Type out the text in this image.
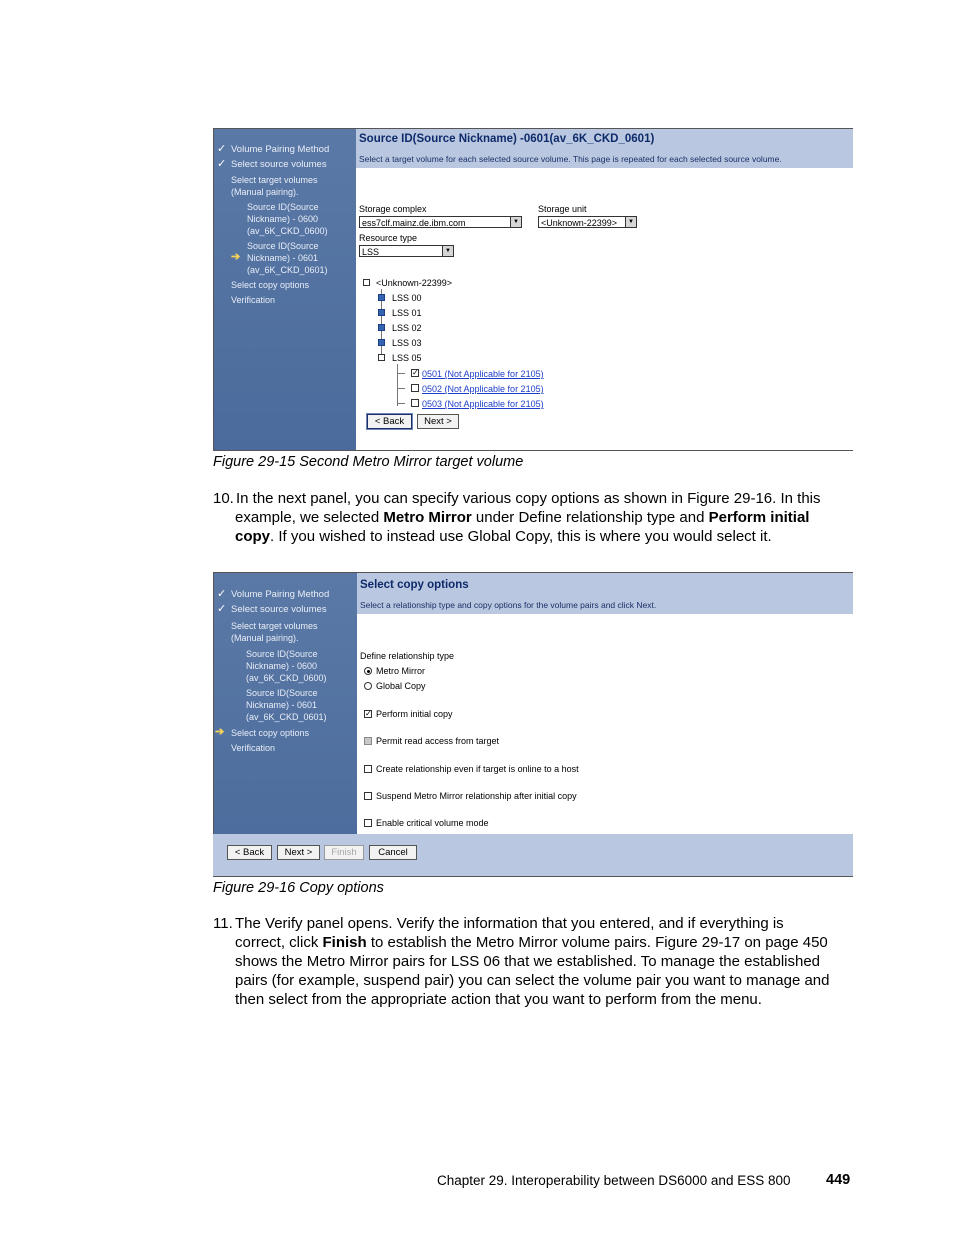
✓ Volume Pairing Method
✓ Select source volumes
Select target volumes
(Manual pairing).
Source ID(Source
Nickname) - 0600
(av_6K_CKD_0600)
Source ID(Source
➔ Nickname) - 0601
(av_6K_CKD_0601)
Select copy options
Verification
Source ID(Source Nickname) -0601(av_6K_CKD_0601)
Select a target volume for each selected source volume. This page is repeated for each selected source volume.
Storage complex
ess7clf.mainz.de.ibm.com	▼
Storage unit
<Unknown-22399>	▼
Resource type
LSS	▼
<Unknown-22399>
LSS 00
LSS 01
LSS 02
LSS 03
LSS 05
✓ 0501 (Not Applicable for 2105)
0502 (Not Applicable for 2105)
0503 (Not Applicable for 2105)
< Back	Next >
Figure 29-15 Second Metro Mirror target volume
10. In the next panel, you can specify various copy options as shown in Figure 29-16. In this
example, we selected Metro Mirror under Define relationship type and Perform initial
copy. If you wished to instead use Global Copy, this is where you would select it.
✓ Volume Pairing Method
✓ Select source volumes
Select target volumes
(Manual pairing).
Source ID(Source
Nickname) - 0600
(av_6K_CKD_0600)
Source ID(Source
Nickname) - 0601
(av_6K_CKD_0601)
➔ Select copy options
Verification
Select copy options
Select a relationship type and copy options for the volume pairs and click Next.
Define relationship type
Metro Mirror
Global Copy
✓ Perform initial copy
Permit read access from target
Create relationship even if target is online to a host
Suspend Metro Mirror relationship after initial copy
Enable critical volume mode
< Back	Next >	Finish	Cancel
Figure 29-16 Copy options
11. The Verify panel opens. Verify the information that you entered, and if everything is
correct, click Finish to establish the Metro Mirror volume pairs. Figure 29-17 on page 450
shows the Metro Mirror pairs for LSS 06 that we established. To manage the established
pairs (for example, suspend pair) you can select the volume pair you want to manage and
then select from the appropriate action that you want to perform from the menu.
Chapter 29. Interoperability between DS6000 and ESS 800 449
